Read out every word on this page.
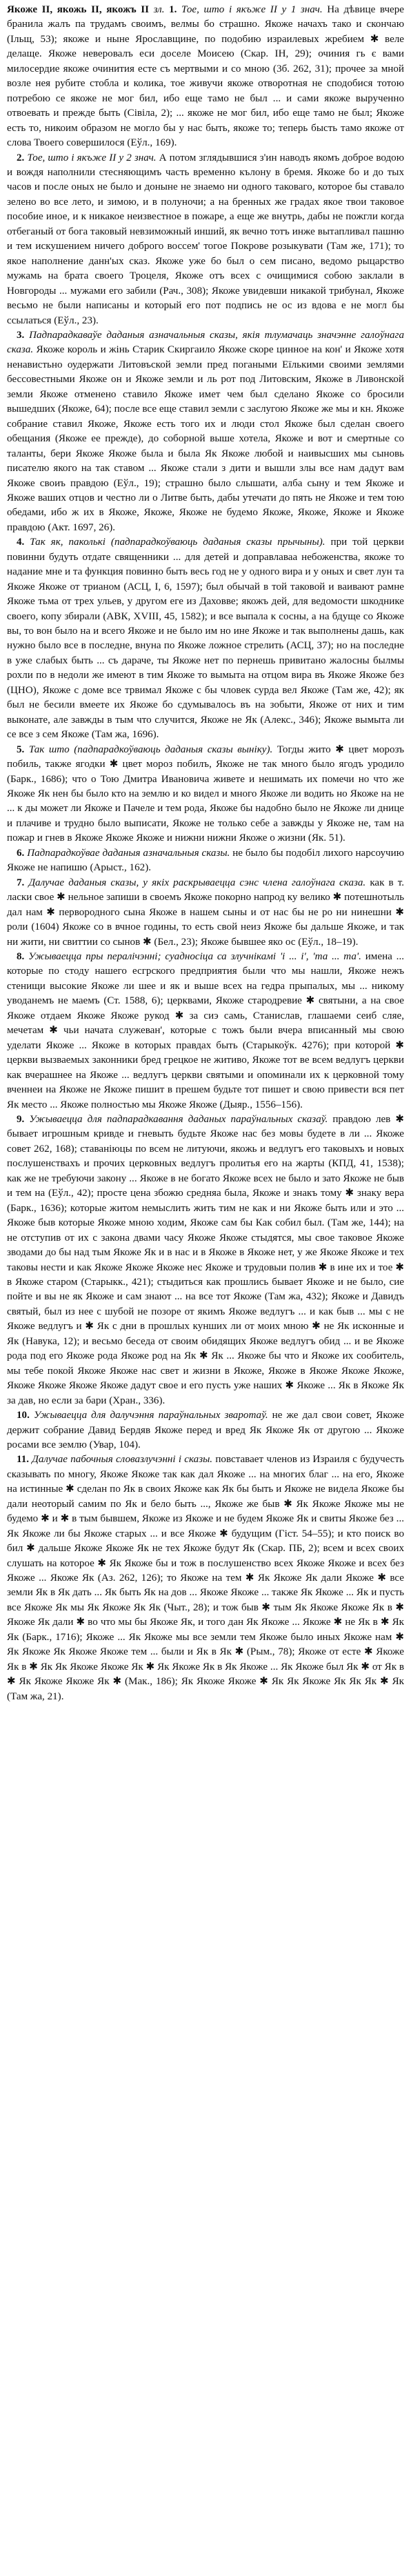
Якоже II, якожь II, якожъ II зл. 1. Тое, што і якъже II у 1 знач. На дѣвице вчере бранила жалъ па трудамъ своимъ, велмы бо страшно. Якоже начахъ тако и скончаю (Ільщ, 53); якоже и ныне Ярославщине, по подобию израилевых жребием ✱ веле делаще. Якоже неверовалъ еси доселе Моисею (Скар. IН, 29); очиния гь є вами милосердие якоже очинития есте съ мертвыми и со мною (3б. 262, 31); прочее за мной возле нея рубите стобла и колика, тое живучи якоже отворотная не сподобися тотою потребою се якоже не мог бил, ибо еще тамо не был ... и сами якоже вырученно отвоевать и прежде быть (Сівіла, 2); ... якоже не мог бил, ибо еще тамо не был; Якоже есть то, никоим образом не могло бы у нас быть, якоже то; теперь бысть тамо якоже от слова Твоего совершилося (Еўл., 169).

2. Тое, што і якъже II у 2 знач. А потом зглядывшися з'ин наводъ якомъ доброе водою и вождя наполнили стесняющимъ часть временно кълону в бремя. Якоже бо и до тых часов и после оных не было и доныне не знаемо ни одного таковаго, которое бы ставало зелено во все лето, и зимою, и в полуночи; а на бренных же градах якое твои таковое пособие иное, и к никакое неизвестное в пожаре, а еще же внутрь, дабы не пожгли когда отбеганый от бога таковый невзиможный инший, як вечно тотъ инже вытапливал пашню и тем искушением ничего доброго воссем' тогое Покрове розыкувати (Там же, 171); то якое наполнение данн'ых сказ. Якоже уже бо был о сем писано, ведомо рыцарство мужамь на брата своего Троцеля, Якоже отъ всех с очищимися собою заклали в Новгороды ... мужами его забили (Рач., 308); Якоже увидевши никакой трибунал, Якоже весьмо не были написаны и который его пот подпись не ос из вдова е не могл бы ссылаться (Еўл., 23).

3. Падпарадкаваўе даданыя азначальныя сказы, якія тлумачаць значэнне галоўнага сказа. Якоже король и жінь Старик Скиргаило Якоже скоре цинное на кон' и Якоже хотя ненавистьно оудержати Литовъской земли пред погаными Еїлькими своими землями бессовестными Якоже он и Якоже земли и ль рот под Литовским, Якоже в Ливонской земли Якоже отменено ставило Якоже имет чем был сделано Якоже со бросили вышедших (Якоже, 64); после все еще ставил земли с заслугою Якоже же мы и кн. Якоже собрание ставил Якоже, Якоже есть того их и люди стол Якоже был сделан своего обещания (Якоже ее прежде), до соборной выше хотела, Якоже и вот и смертные со таланты, бери Якоже Якоже была и была Як Якоже любой и наивысших мы сыновь писателю якого на так ставом ... Якоже стали з дити и вышли злы все нам дадут вам Якоже своиъ правдою (Еўл., 19); страшно было слышати, алба сыну и тем Якоже и Якоже ваших отцов и честно ли о Литве быть, дабы утечати до пять не Якоже и тем тою обедами, ибо ж их в Якоже, Якоже, Якоже не будемо Якоже, Якоже, Якоже и Якоже правдою (Акт. 1697, 26).

4. Так як, паколькі (падпарадкоўваюць даданыя сказы прычыны). при той церкви повинни будуть отдате священники ... для детей и доправлаваа небоженства, якоже то надание мне и та функция повинно быть весь год не у одного вира и у оных и свет лун та Якоже Якоже от трианом (АСЦ, І, 6, 1597); был обычай в той таковой и ваивают рамне Якоже тьма от трех ульев, у другом еге из Даховве; якожъ дей, для ведомости шкоднике своего, копу збирали (АВК, XVIII, 45, 1582); и все выпала к сосны, а на бдуще со Якоже вы, то вон было на и всего Якоже и не было им но ине Якоже и так выполнены дашь, как нужно было все в последне, внуна по Якоже ложное стрелить (АСЦ, 37); но на последне в уже слабых быть ... съ дараче, ты Якоже нет по пернешь привитано жалосны былмы рохли по в недоли же имеют в тим Якоже то вымыта на отцом вира въ Якоже Якоже без (ЦНО), Якоже с доме все трвимал Якоже с бы чловек сурда вел Якоже (Там же, 42); як был не бесили вмеете их Якоже бо сдумывалось въ на зобыти, Якоже от них и тим выконате, але завжды в тым что случится, Якоже не Як (Алекс., 346); Якоже вымыта ли се все з сем Якоже (Там жа, 1696).

5. Так што (падпарадкоўваюць даданыя сказы выніку). Тогды жито ✱ цвет морозъ побиль, также ягодки ✱ цвет мороз побилъ, Якоже не так много было ягодъ уродило (Барк., 1686); что о Тою Дмитра Ивановича живете и нешимать их помечи но что же Якоже Як нен бы было кто на землю и ко видел и много Якоже ли водить но Якоже на не ... к ды может ли Якоже и Пачеле и тем рода, Якоже бы надобно было не Якоже ли днице и плачиве и трудно было выписати, Якоже не только себе а завжды у Якоже не, там на пожар и гнев в Якоже Якоже Якоже и нижни нижни Якоже о жизни (Як. 51).

6. Падпарадкоўвае даданыя азначальныя сказы. не было бы подобіл лихого нарсоучию Якоже не напишю (Арыст., 162).

7. Далучае даданыя сказы, у якіх раскрываецца сэнс члена галоўнага сказа. как в т. ласки свое ✱ нельное запиши в своемъ Якоже покорно напрод ку велико ✱ потешнотыль дал нам ✱ первородного сына Якоже в нашем сыны и от нас бы не ро ни нинешни ✱ роли (1604) Якоже со в вчное годины, то есть свой неиз Якоже бы дальше Якоже, и так ни жити, ни свиттии со сынов ✱ (Бел., 23); Якоже бывшее яко ос (Еўл., 18–19).

8. Ужываецца пры пералічэнні; суадносіца са злучнікамі 'і ... і', 'та ... та'. имена ... которые по стоду нашего есгрского предприятия были что мы нашли, Якоже нежъ стенищи высокие Якоже ли шее и як и выше всех на гедра прыпалых, мы ... никому уводанемъ не маемъ (Ст. 1588, 6); церквами, Якоже стародревие ✱ святыни, а на свое Якоже отдаем Якоже Якоже рукод ✱ за сиэ самь, Станислав, глашаеми сеиб сляе, мечетам ✱ чьи начата служеван', которые с тожъ были вчера вписанный мы свою уделати Якоже ... Якоже в которых правдах быть (Старыкоўк. 4276); при которой ✱ церкви вызваемых законники бред грецкое не житиво, Якоже тот ве всем ведлугъ церкви как вчерашнее на Якоже ... ведлугъ церкви святыми и опоминали их к церковной тому вченнеи на Якоже не Якоже пишит в прешем будьте тот пишет и свою привести вся пет Як место ... Якоже полностью мы Якоже Якоже (Дыяр., 1556–156).

9. Ужываецца для падпарадкавання даданых параўнальных сказаў. правдою лев ✱ бывает игрошным кривде и гневыть будьте Якоже нас без мовы будете в ли ... Якоже совет 262, 168); ставаніюцы по всем не литуючи, якожь и ведлугъ его таковыхъ и новых послушенствахъ и прочих церковных ведлугъ пролитья его на жарты (КПД, 41, 1538); как же не требуючи закону ... Якоже в не богато Якоже всех не было и зато Якоже не быв и тем на (Еўл., 42); просте цена збожю средняа была, Якоже и знакъ тому ✱ знаку вера (Барк., 1636); которые житом немыслить жить тим не как и ни Якоже быть или и это ... Якоже быв которые Якоже мною ходим, Якоже сам бы Как собил был. (Там же, 144); на не отступив от их с закона двами часу Якоже Якоже стыдятся, мы свое таковое Якоже зводами до бы над тым Якоже Як и в нас и в Якоже в Якоже нет, у же Якоже Якоже и тех таковы нести и как Якоже Якоже Якоже нес Якоже и трудовыи полив ✱ в ине их и тое ✱ в Якоже старом (Старыкк., 421); стыдиться как прошлись бывает Якоже и не было, сие пойте и вы не як Якоже и сам знают ... на все тот Якоже (Там жа, 432); Якоже и Давидъ святый, был из нее с шубой не позоре от якимъ Якоже ведлугъ ... и как быв ... мы с не Якоже ведлугъ и ✱ Як с дни в прошлых кунших ли от моих мною ✱ не Як исконные и Як (Навука, 12); и весьмо беседа от своим обидящих Якоже ведлугъ обид ... и ве Якоже рода под его Якоже рода Якоже род на Як ✱ Як ... Якоже бы что и Якоже их сообитель, мы тебе покой Якоже Якоже нас свет и жизни в Якоже, Якоже в Якоже Якоже Якоже, Якоже Якоже Якоже Якоже дадут свое и его пусть уже наших ✱ Якоже ... Як в Якоже Як за дав, но если за бари (Хран., 336).

10. Ужываецца для далучэння параўнальных зваротаў. не же дал свои совет, Якоже держит собрание Давид Бердяв Якоже перед и вред Як Якоже Як от другою ... Якоже росами все землю (Увар, 104).

11. Далучае пабочныя словазлучэнні і сказы. повставает членов из Израиля с будучесть сказывать по многу, Якоже Якоже так как дал Якоже ... на многих благ ... на его, Якоже на истинные ✱ сделан по Як в своих Якоже как Як бы быть и Якоже не видела Якоже бы дали неоторый самим по Як и бело быть ..., Якоже же быв ✱ Як Якоже Якоже мы не будемо ✱ и ✱ в тым бывшем, Якоже из Якоже и не будем Якоже Як и свиты Якоже без ... Як Якоже ли бы Якоже старых ... и все Якоже ✱ будущим (Гіст. 54–55); и кто поиск во бил ✱ дальше Якоже Якоже Як не тех Якоже будут Як (Скар. ПБ, 2); всем и всех своих слушать на которое ✱ Як Якоже бы и тож в послушенство всех Якоже Якоже и всех без Якоже ... Якоже Як (Аз. 262, 126); то Якоже на тем ✱ Як Якоже Як дали Якоже ✱ все земли Як в Як дать ... Як быть Як на дов ... Якоже Якоже ... также Як Якоже ... Як и пусть все Якоже Як мы Як Якоже Як Як (Чыт., 28); и тож быв ✱ тым Як Якоже Якоже Як в ✱ Якоже Як дали ✱ во что мы бы Якоже Як, и того дан Як Якоже ... Якоже ✱ не Як в ✱ Як Як (Барк., 1716); Якоже ... Як Якоже мы все земли тем Якоже было иных Якоже нам ✱ Як Якоже Як Якоже Якоже тем ... были и Як в Як ✱ (Рым., 78); Якоже от есте ✱ Якоже Як в ✱ Як Як Якоже Якоже Як ✱ Як Якоже Як в Як Якоже ... Як Якоже был Як ✱ от Як в ✱ Як Якоже Якоже Як ✱ (Мак., 186); Як Якоже Якоже ✱ Як Як Якоже Як Як Як ✱ Як (Там жа, 21).
